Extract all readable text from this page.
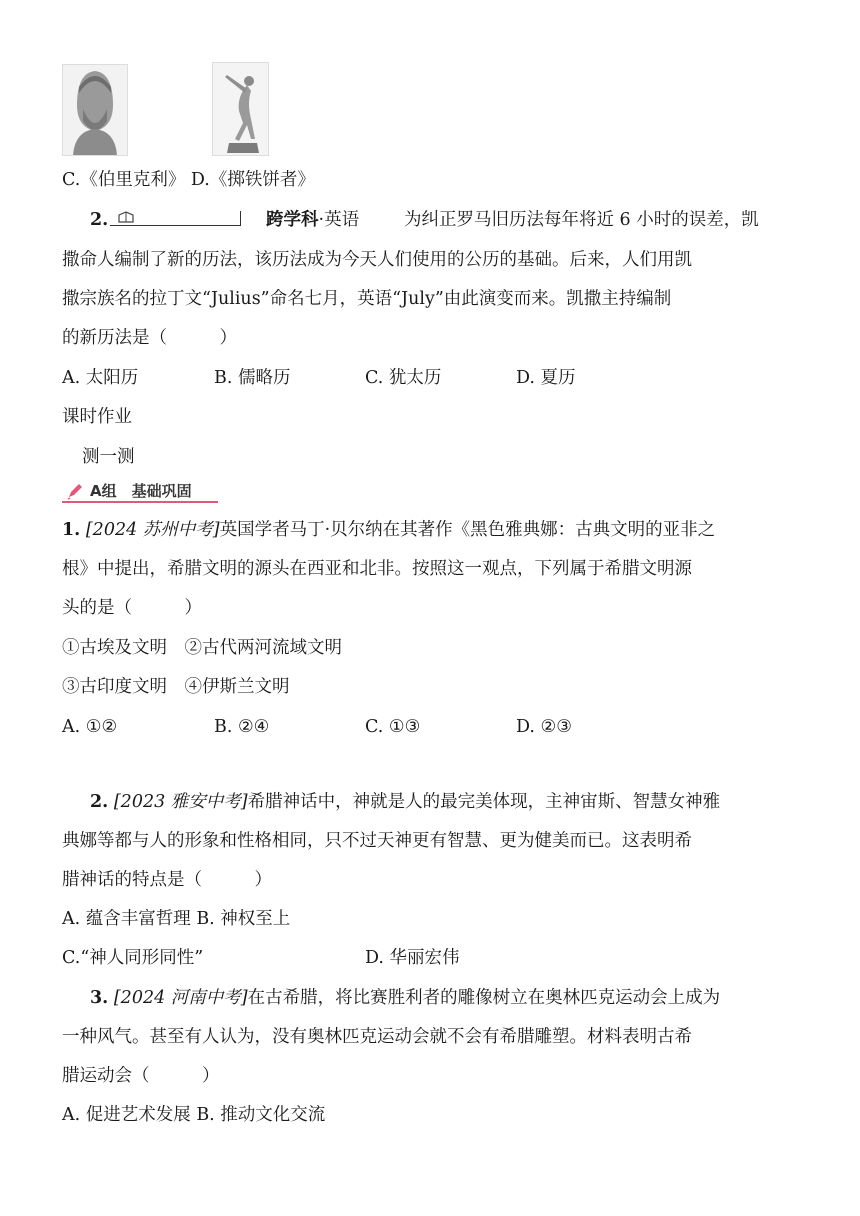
C.《伯里克利》 D.《掷铁饼者》
2.	跨学科·英语	为纠正罗马旧历法每年将近 6 小时的误差，凯
撒命人编制了新的历法，该历法成为今天人们使用的公历的基础。后来，人们用凯
撒宗族名的拉丁文“Julius”命名七月，英语“July”由此演变而来。凯撒主持编制
的新历法是（　　　）
A. 太阳历	B. 儒略历	C. 犹太历	D. 夏历
课时作业
测一测
A组　基础巩固
1. [2024 苏州中考]英国学者马丁·贝尔纳在其著作《黑色雅典娜：古典文明的亚非之
根》中提出，希腊文明的源头在西亚和北非。按照这一观点，下列属于希腊文明源
头的是（　　　）
①古埃及文明　②古代两河流域文明
③古印度文明　④伊斯兰文明
A. ①②	B. ②④	C. ①③	D. ②③
2. [2023 雅安中考]希腊神话中，神就是人的最完美体现，主神宙斯、智慧女神雅
典娜等都与人的形象和性格相同，只不过天神更有智慧、更为健美而已。这表明希
腊神话的特点是（　　　）
A. 蕴含丰富哲理 B. 神权至上
C.“神人同形同性”	D. 华丽宏伟
3. [2024 河南中考]在古希腊，将比赛胜利者的雕像树立在奥林匹克运动会上成为
一种风气。甚至有人认为，没有奥林匹克运动会就不会有希腊雕塑。材料表明古希
腊运动会（　　　）
A. 促进艺术发展 B. 推动文化交流
